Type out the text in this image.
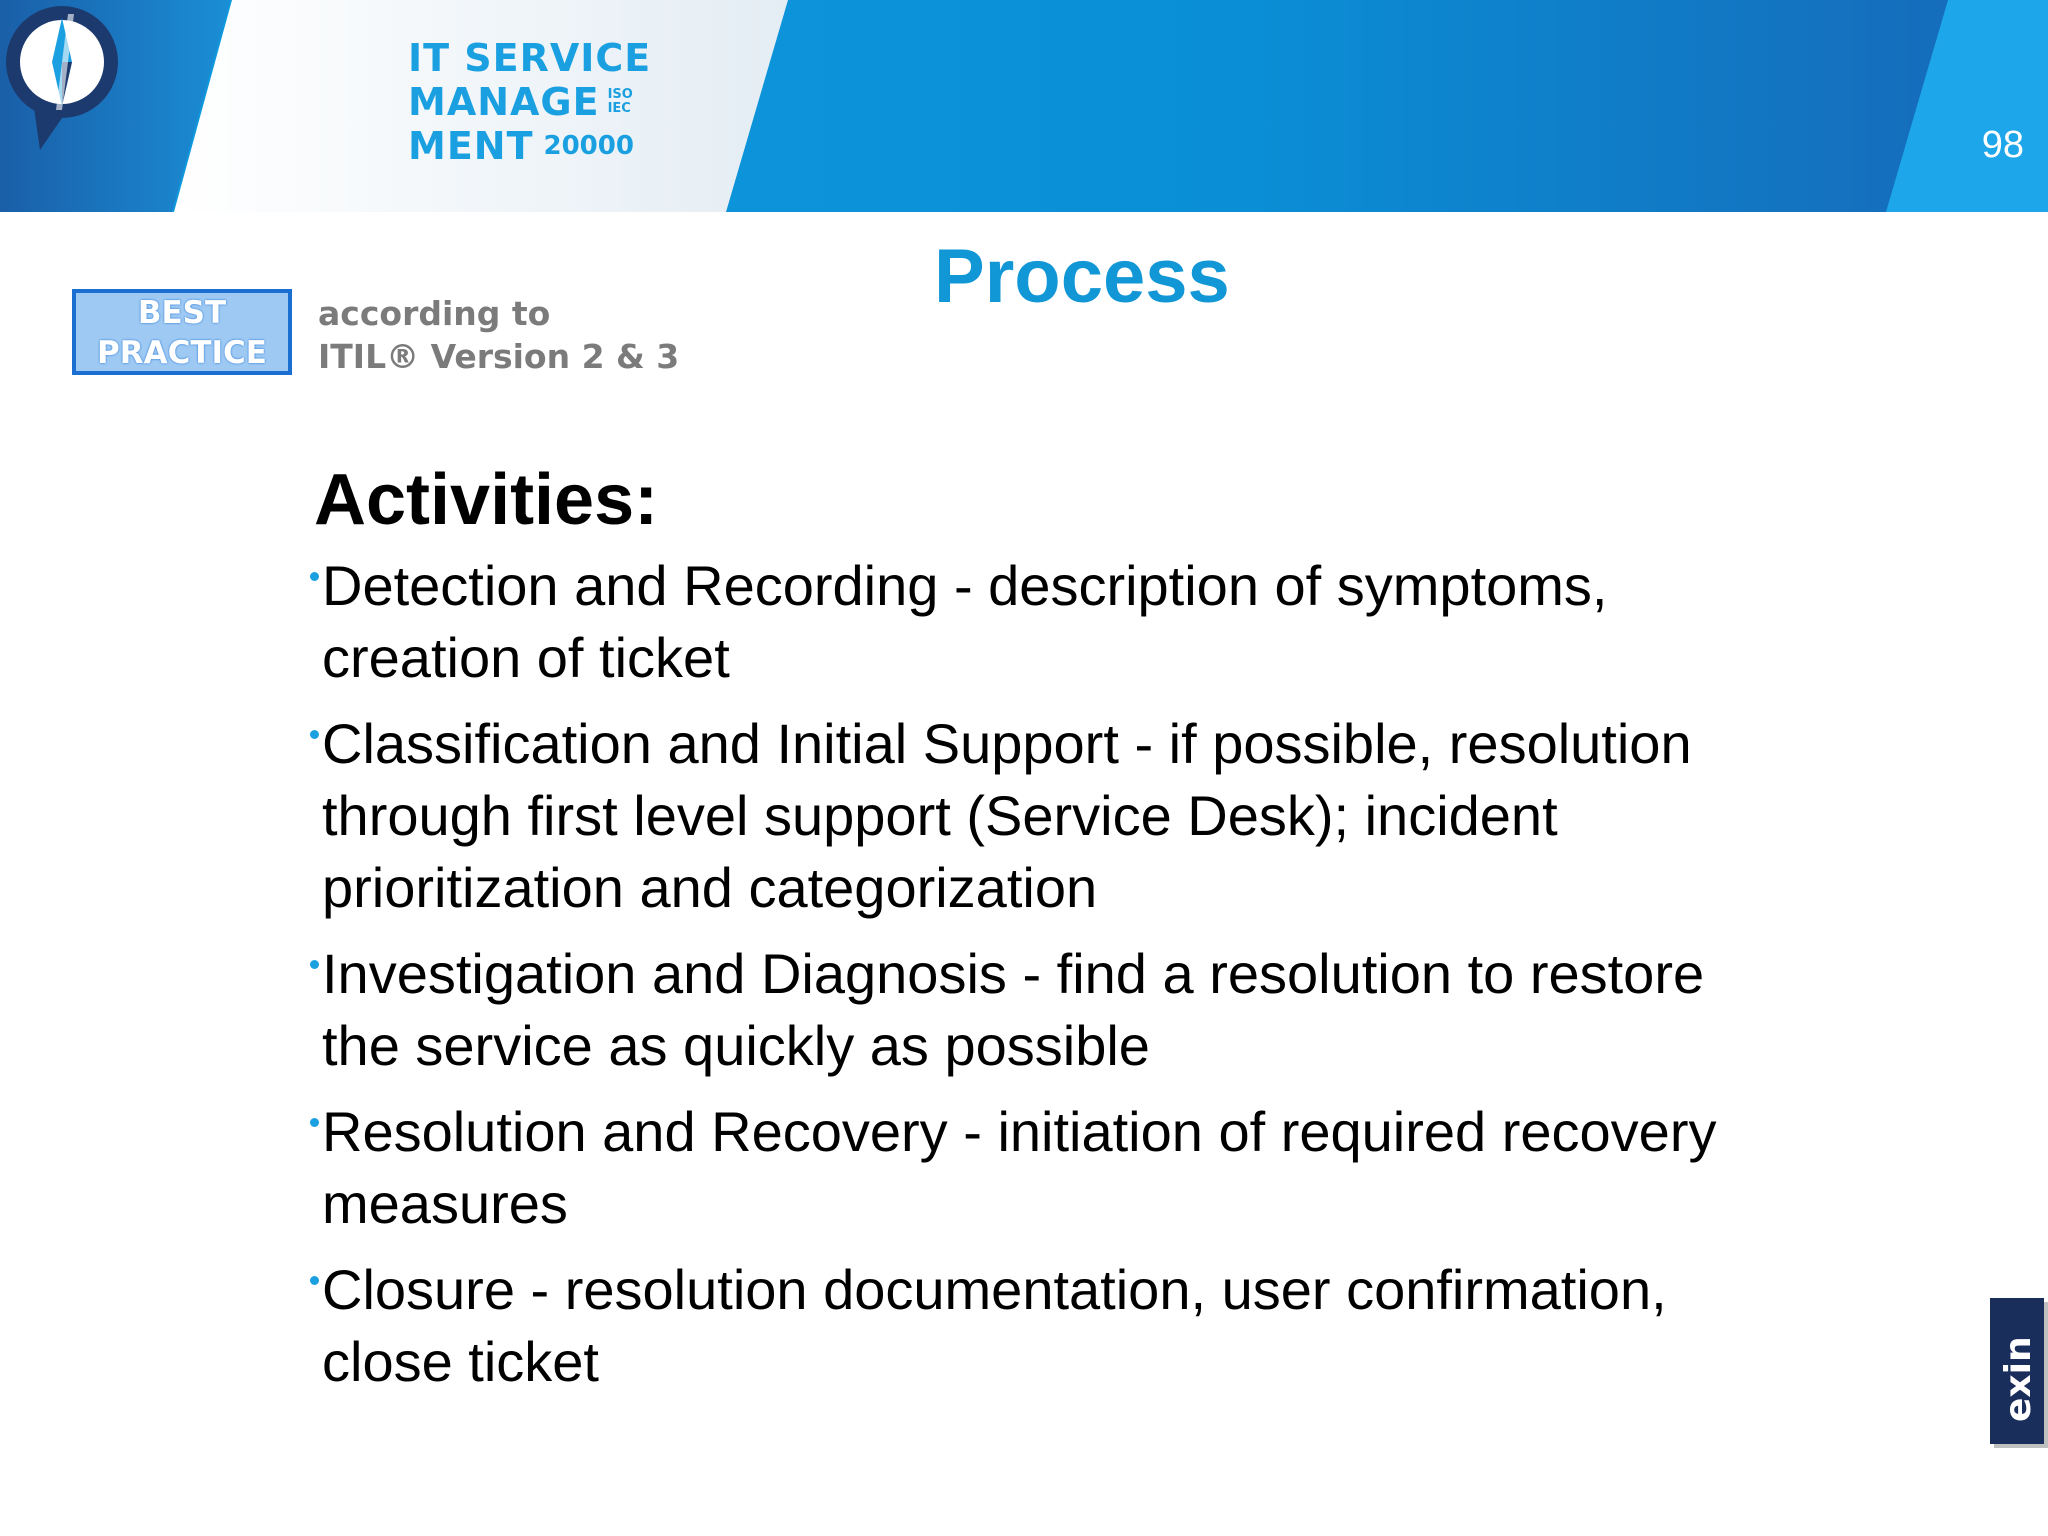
IT SERVICE
MANAGE ISO
IEC
MENT 20000	98
BEST
PRACTICE
according to
ITIL® Version 2 & 3
Process
Activities:
Detection and Recording - description of symptoms, creation of ticket
Classification and Initial Support - if possible, resolution through first level support (Service Desk); incident prioritization and categorization
Investigation and Diagnosis - find a resolution to restore the service as quickly as possible
Resolution and Recovery - initiation of required recovery measures
Closure - resolution documentation, user confirmation, close ticket	exin
